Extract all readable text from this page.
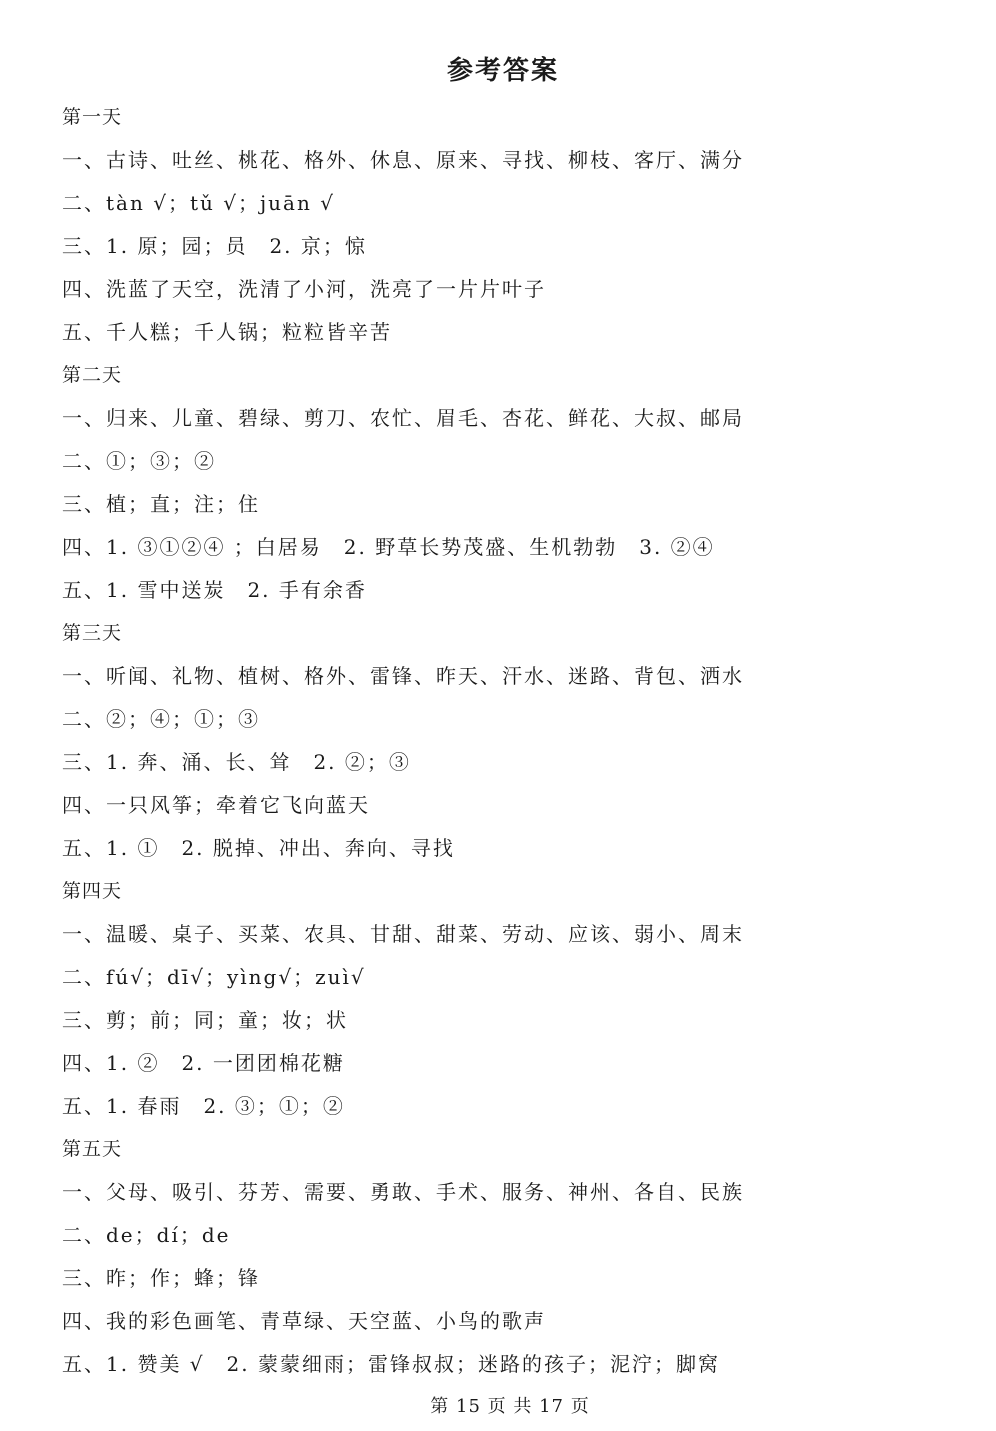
参考答案
第一天
一、古诗、吐丝、桃花、格外、休息、原来、寻找、柳枝、客厅、满分
二、tàn √；tǔ √；juān √
三、1. 原；园；员　2. 京；惊
四、洗蓝了天空，洗清了小河，洗亮了一片片叶子
五、千人糕；千人锅；粒粒皆辛苦
第二天
一、归来、儿童、碧绿、剪刀、农忙、眉毛、杏花、鲜花、大叔、邮局
二、①；③；②
三、植；直；注；住
四、1. ③①②④ ；白居易　2. 野草长势茂盛、生机勃勃　3. ②④
五、1. 雪中送炭　2. 手有余香
第三天
一、听闻、礼物、植树、格外、雷锋、昨天、汗水、迷路、背包、洒水
二、②；④；①；③
三、1. 奔、涌、长、耸　2. ②；③
四、一只风筝；牵着它飞向蓝天
五、1. ①　2. 脱掉、冲出、奔向、寻找
第四天
一、温暖、桌子、买菜、农具、甘甜、甜菜、劳动、应该、弱小、周末
二、fú√；dī√；yìng√；zuì√
三、剪；前；同；童；妆；状
四、1. ②　2. 一团团棉花糖
五、1. 春雨　2. ③；①；②
第五天
一、父母、吸引、芬芳、需要、勇敢、手术、服务、神州、各自、民族
二、de；dí；de
三、昨；作；蜂；锋
四、我的彩色画笔、青草绿、天空蓝、小鸟的歌声
五、1. 赞美 √　2. 蒙蒙细雨；雷锋叔叔；迷路的孩子；泥泞；脚窝
第 15 页 共 17 页
